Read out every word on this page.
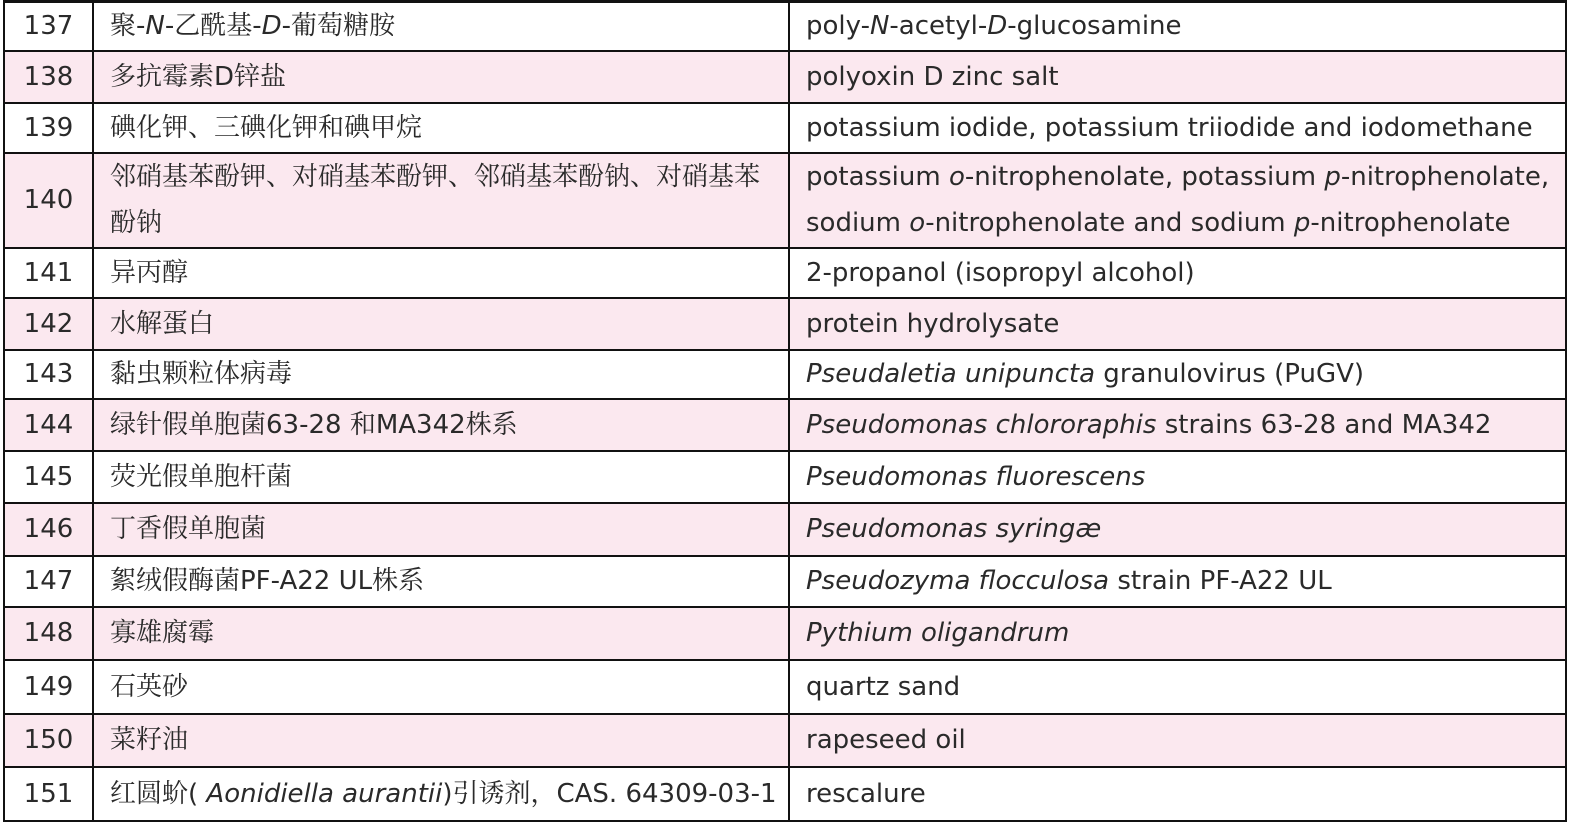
137	聚-N-乙酰基-D-葡萄糖胺	poly-N-acetyl-D-glucosamine
138	多抗霉素D锌盐	polyoxin D zinc salt
139	碘化钾、三碘化钾和碘甲烷	potassium iodide, potassium triiodide and iodomethane
140	邻硝基苯酚钾、对硝基苯酚钾、邻硝基苯酚钠、对硝基苯酚钠	potassium o-nitrophenolate, potassium p-nitrophenolate, sodium o-nitrophenolate and sodium p-nitrophenolate
141	异丙醇	2-propanol (isopropyl alcohol)
142	水解蛋白	protein hydrolysate
143	黏虫颗粒体病毒	Pseudaletia unipuncta granulovirus (PuGV)
144	绿针假单胞菌63-28 和MA342株系	Pseudomonas chlororaphis strains 63-28 and MA342
145	荧光假单胞杆菌	Pseudomonas fluorescens
146	丁香假单胞菌	Pseudomonas syringæ
147	絮绒假酶菌PF-A22 UL株系	Pseudozyma flocculosa strain PF-A22 UL
148	寡雄腐霉	Pythium oligandrum
149	石英砂	quartz sand
150	菜籽油	rapeseed oil
151	红圆蚧( Aonidiella aurantii)引诱剂，CAS. 64309-03-1	rescalure
